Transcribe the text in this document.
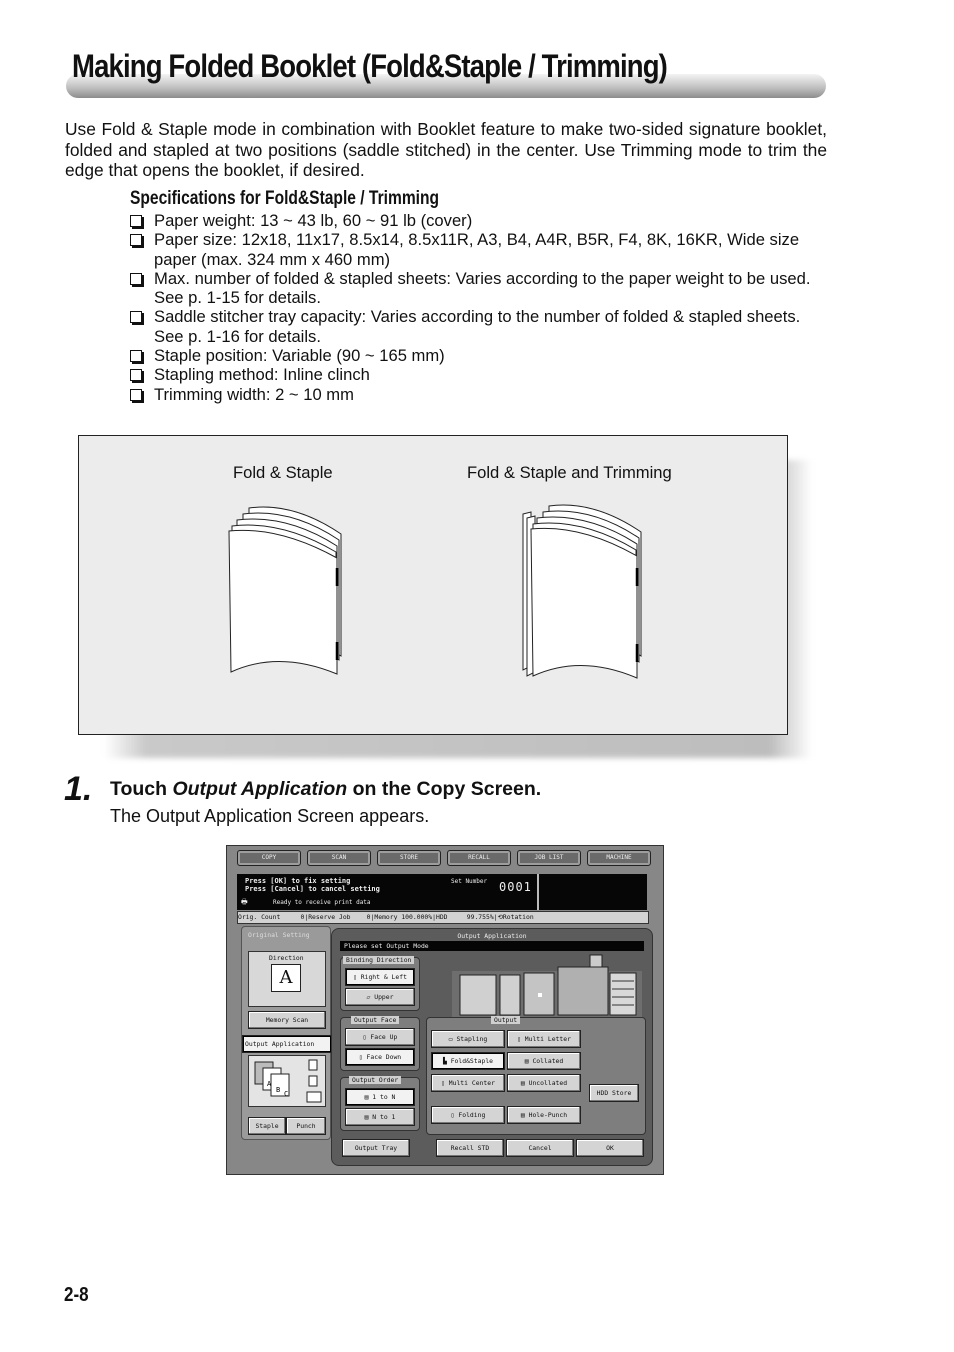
Making Folded Booklet (Fold&Staple / Trimming)

Use Fold & Staple mode in combination with Booklet feature to make two-sided signature booklet, folded and stapled at two positions (saddle stitched) in the center. Use Trimming mode to trim the edge that opens the booklet, if desired.

Specifications for Fold&Staple / Trimming
Paper weight: 13 ~ 43 lb, 60 ~ 91 lb (cover)
Paper size: 12x18, 11x17, 8.5x14, 8.5x11R, A3, B4, A4R, B5R, F4, 8K, 16KR, Wide size paper (max. 324 mm x 460 mm)
Max. number of folded & stapled sheets: Varies according to the paper weight to be used. See p. 1-15 for details.
Saddle stitcher tray capacity: Varies according to the number of folded & stapled sheets. See p. 1-16 for details.
Staple position: Variable (90 ~ 165 mm)
Stapling method: Inline clinch
Trimming width: 2 ~ 10 mm
Fold & Staple	Fold & Staple and Trimming
1. Touch Output Application on the Copy Screen.
The Output Application Screen appears.
COPY	SCAN	STORE	RECALL	JOB LIST	MACHINE
Press [OK] to fix setting
Press [Cancel] to cancel setting
Set Number 0001
🖶	Ready to receive print data
Orig. Count	0|Reserve Job	0|Memory 100.000%|HDD	99.755%|⟲Rotation
Original Setting
Direction
A
Memory Scan
Output Application
A
B C
Staple	Punch
Output Application
Please set Output Mode
Binding Direction
▯ Right & Left
▱ Upper
Output Face
▯ Face Up
▯ Face Down
Output Order
▤ 1 to N
▤ N to 1
Output
▭ Stapling	▯ Multi Letter
▙ Fold&Staple	▤ Collated
▯ Multi Center	▤ Uncollated
▯ Folding	▤ Hole-Punch
HDD Store
Output Tray	Recall STD	Cancel	OK
2-8
